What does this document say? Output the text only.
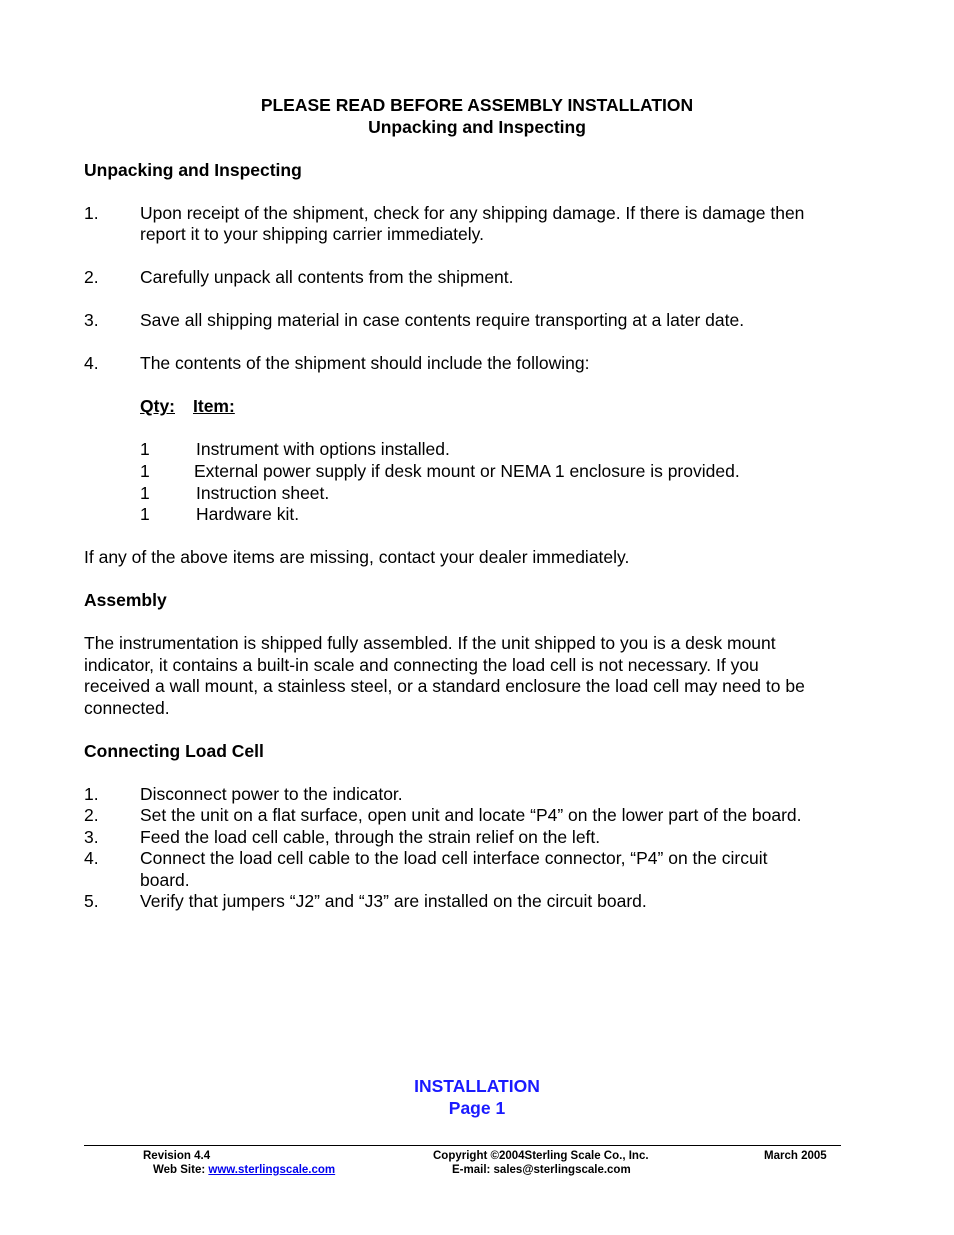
PLEASE READ BEFORE ASSEMBLY INSTALLATION
Unpacking and Inspecting
Unpacking and Inspecting
1. Upon receipt of the shipment, check for any shipping damage. If there is damage then
report it to your shipping carrier immediately.
2. Carefully unpack all contents from the shipment.
3. Save all shipping material in case contents require transporting at a later date.
4. The contents of the shipment should include the following:
Qty: Item:
1	Instrument with options installed.
1	External power supply if desk mount or NEMA 1 enclosure is provided.
1	Instruction sheet.
1	Hardware kit.
If any of the above items are missing, contact your dealer immediately.
Assembly
The instrumentation is shipped fully assembled. If the unit shipped to you is a desk mount
indicator, it contains a built-in scale and connecting the load cell is not necessary. If you
received a wall mount, a stainless steel, or a standard enclosure the load cell may need to be
connected.
Connecting Load Cell
1. Disconnect power to the indicator.
2. Set the unit on a flat surface, open unit and locate “P4” on the lower part of the board.
3. Feed the load cell cable, through the strain relief on the left.
4. Connect the load cell cable to the load cell interface connector, “P4” on the circuit
board.
5. Verify that jumpers “J2” and “J3” are installed on the circuit board.
INSTALLATION
Page 1
Revision 4.4	Copyright ©2004Sterling Scale Co., Inc.	March 2005
Web Site: www.sterlingscale.com	E-mail: sales@sterlingscale.com
